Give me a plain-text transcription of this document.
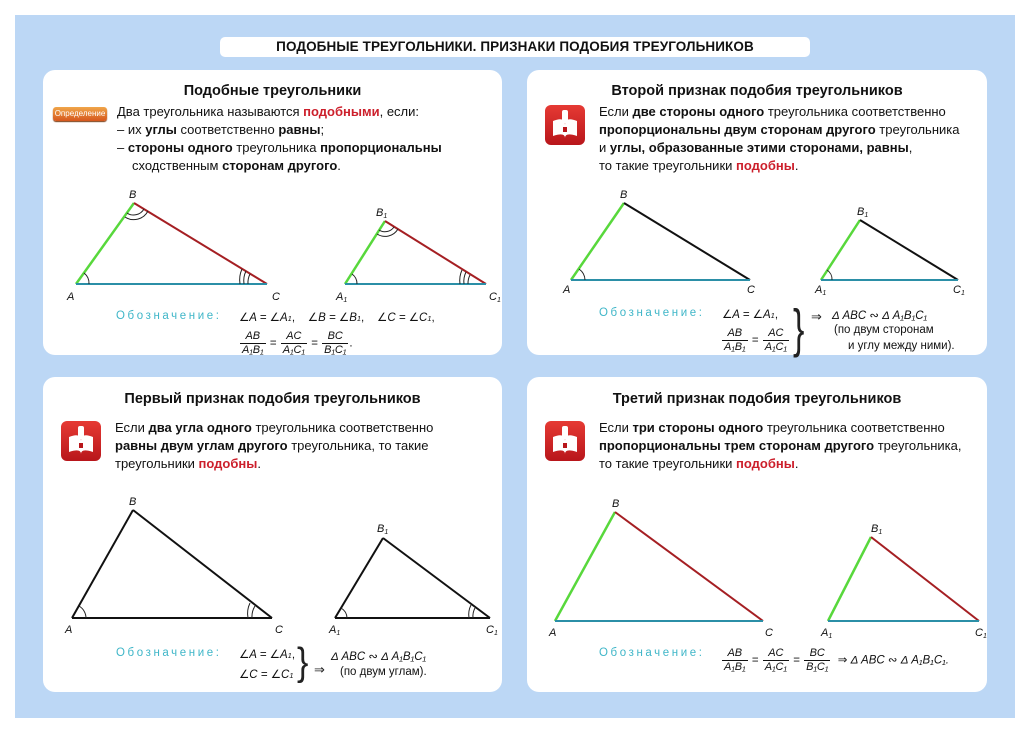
ПОДОБНЫЕ ТРЕУГОЛЬНИКИ. ПРИЗНАКИ ПОДОБИЯ ТРЕУГОЛЬНИКОВ
Подобные треугольники
Определение Два треугольника называются подобными, если:
– их углы соответственно равны;
– стороны одного треугольника пропорциональны
сходственным сторонам другого.
A
B
C	A1
B1
C1
Обозначение: ∠A = ∠A1, ∠B = ∠B1, ∠C = ∠C1,
$\frac{AB}{\text{A₁B₁}} = \frac{AC}{\text{A₁C₁}} = \frac{BC}{\text{B₁C₁}}$ .
Второй признак подобия треугольников
Если две стороны одного треугольника соответственно
пропорциональны двум сторонам другого треугольника
и углы, образованные этими сторонами, равны,
то такие треугольники подобны.
A
B
C	A1
B1
C1
⇒
Обозначение: ∠A = ∠A1,
$\frac{AB}{\text{A₁B₁}} = \frac{AC}{\text{A₁C₁}}$ } Δ ABC ∾ Δ A₁B₁C₁
(по двум сторонам
и углу между ними).
Первый признак подобия треугольников
Если два угла одного треугольника соответственно
равны двум углам другого треугольника, то такие
треугольники подобны.
A
B
C	A1
B1
C1
⇒
Обозначение: ∠A = ∠A1,
∠C = ∠C1 } Δ ABC ∾ Δ A₁B₁C₁
(по двум углам).
Третий признак подобия треугольников
Если три стороны одного треугольника соответственно
пропорциональны трем сторонам другого треугольника,
то такие треугольники подобны.
A
B
C	A1
B1
C1
Обозначение: $\frac{AB}{\text{A₁B₁}} = \frac{AC}{\text{A₁C₁}} = \frac{BC}{\text{B₁C₁}}$ ⇒ Δ ABC ∾ Δ A₁B₁C₁.
